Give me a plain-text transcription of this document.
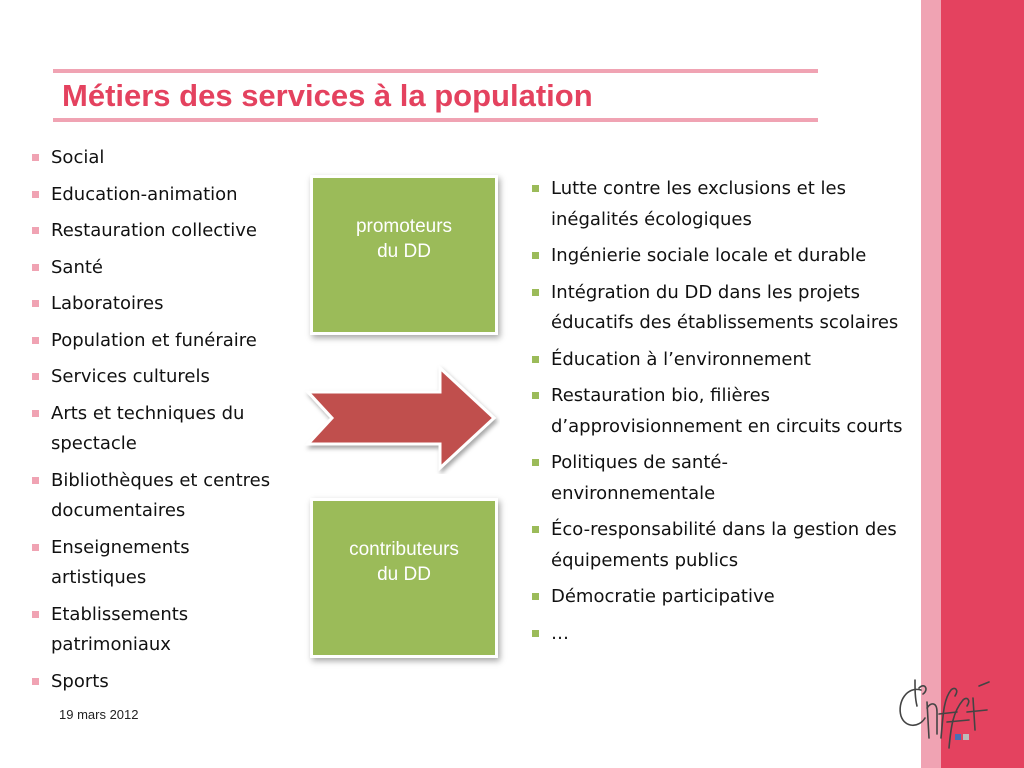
Métiers des services à la population
Social
Education-animation
Restauration collective
Santé
Laboratoires
Population et funéraire
Services culturels
Arts et techniques du spectacle
Bibliothèques et centres documentaires
Enseignements artistiques
Etablissements patrimoniaux
Sports
promoteurs
du DD
contributeurs
du DD
Lutte contre les exclusions et les inégalités écologiques
Ingénierie sociale locale et durable
Intégration du DD dans les projets éducatifs des établissements scolaires
Éducation à l’environnement
Restauration bio, filières d’approvisionnement en circuits courts
Politiques de santé-environnementale
Éco-responsabilité dans la gestion des équipements publics
Démocratie participative
…
19 mars 2012
